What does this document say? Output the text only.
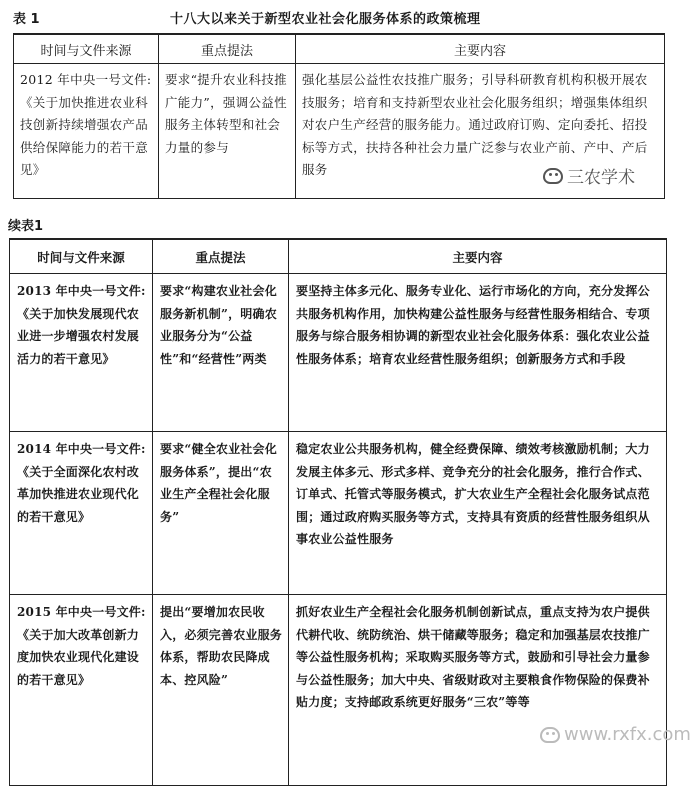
表 1	十八大以来关于新型农业社会化服务体系的政策梳理
时间与文件来源	重点提法	主要内容
2012 年中央一号文件:《关于加快推进农业科技创新持续增强农产品供给保障能力的若干意见》	要求“提升农业科技推广能力”，强调公益性服务主体转型和社会力量的参与	强化基层公益性农技推广服务；引导科研教育机构积极开展农技服务；培育和支持新型农业社会化服务组织；增强集体组织对农户生产经营的服务能力。通过政府订购、定向委托、招投标等方式，扶持各种社会力量广泛参与农业产前、产中、产后服务	三农学术
续表1
时间与文件来源	重点提法	主要内容
2013 年中央一号文件:《关于加快发展现代农业进一步增强农村发展活力的若干意见》	要求“构建农业社会化服务新机制”，明确农业服务分为“公益性”和“经营性”两类	要坚持主体多元化、服务专业化、运行市场化的方向，充分发挥公共服务机构作用，加快构建公益性服务与经营性服务相结合、专项服务与综合服务相协调的新型农业社会化服务体系：强化农业公益性服务体系；培育农业经营性服务组织；创新服务方式和手段
2014 年中央一号文件:《关于全面深化农村改革加快推进农业现代化的若干意见》	要求“健全农业社会化服务体系”，提出“农业生产全程社会化服务”	稳定农业公共服务机构，健全经费保障、绩效考核激励机制；大力发展主体多元、形式多样、竞争充分的社会化服务，推行合作式、订单式、托管式等服务模式，扩大农业生产全程社会化服务试点范围；通过政府购买服务等方式，支持具有资质的经营性服务组织从事农业公益性服务
2015 年中央一号文件:《关于加大改革创新力度加快农业现代化建设的若干意见》	提出“要增加农民收入，必须完善农业服务体系，帮助农民降成本、控风险”	抓好农业生产全程社会化服务机制创新试点，重点支持为农户提供代耕代收、统防统治、烘干储藏等服务；稳定和加强基层农技推广等公益性服务机构；采取购买服务等方式，鼓励和引导社会力量参与公益性服务；加大中央、省级财政对主要粮食作物保险的保费补贴力度；支持邮政系统更好服务“三农”等等
www.rxfx.com
